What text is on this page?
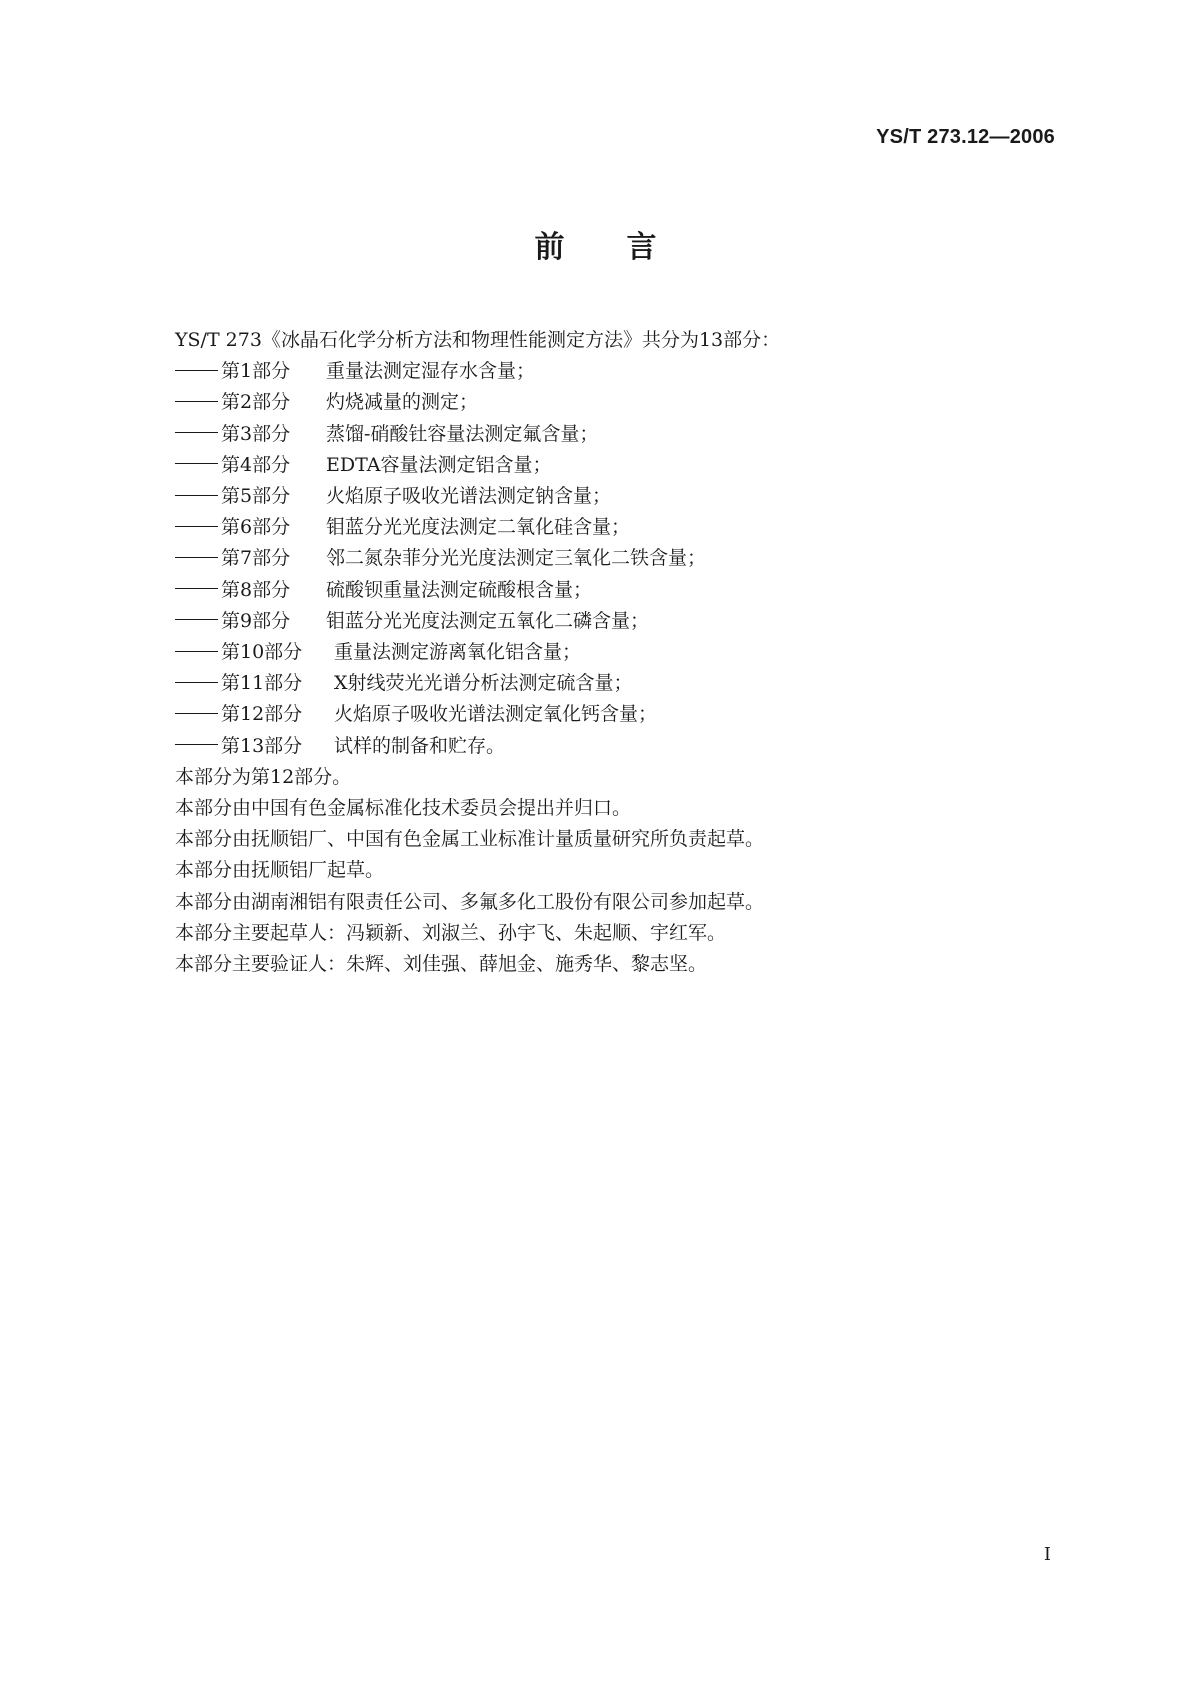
YS/T 273.12—2006
前言
YS/T 273《冰晶石化学分析方法和物理性能测定方法》共分为13部分：
第1部分 重量法测定湿存水含量；
第2部分 灼烧减量的测定；
第3部分 蒸馏-硝酸钍容量法测定氟含量；
第4部分 EDTA容量法测定铝含量；
第5部分 火焰原子吸收光谱法测定钠含量；
第6部分 钼蓝分光光度法测定二氧化硅含量；
第7部分 邻二氮杂菲分光光度法测定三氧化二铁含量；
第8部分 硫酸钡重量法测定硫酸根含量；
第9部分 钼蓝分光光度法测定五氧化二磷含量；
第10部分 重量法测定游离氧化铝含量；
第11部分 X射线荧光光谱分析法测定硫含量；
第12部分 火焰原子吸收光谱法测定氧化钙含量；
第13部分 试样的制备和贮存。
本部分为第12部分。
本部分由中国有色金属标准化技术委员会提出并归口。
本部分由抚顺铝厂、中国有色金属工业标准计量质量研究所负责起草。
本部分由抚顺铝厂起草。
本部分由湖南湘铝有限责任公司、多氟多化工股份有限公司参加起草。
本部分主要起草人：冯颖新、刘淑兰、孙宇飞、朱起顺、宇红军。
本部分主要验证人：朱辉、刘佳强、薛旭金、施秀华、黎志坚。
I
